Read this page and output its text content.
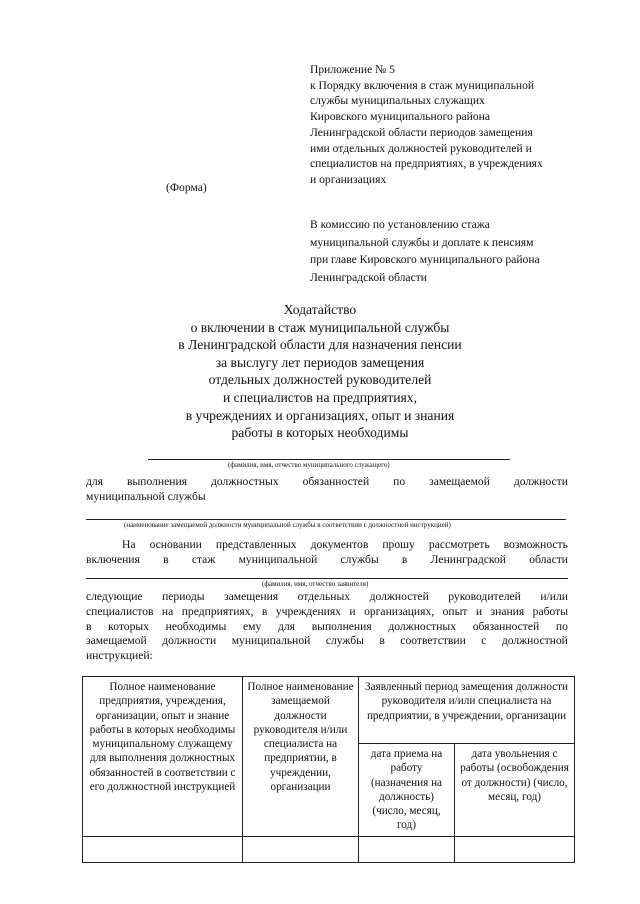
Приложение № 5
к Порядку включения в стаж муниципальной
службы муниципальных служащих
Кировского муниципального района
Ленинградской области периодов замещения
ими отдельных должностей руководителей и
специалистов на предприятиях, в учреждениях
и организациях
(Форма)
В комиссию по установлению стажа
муниципальной службы и доплате к пенсиям
при главе Кировского муниципального района
Ленинградской области
Ходатайство
о включении в стаж муниципальной службы
в Ленинградской области для назначения пенсии
за выслугу лет периодов замещения
отдельных должностей руководителей
и специалистов на предприятиях,
в учреждениях и организациях, опыт и знания
работы в которых необходимы
(фамилия, имя, отчество муниципального служащего)
для выполнения должностных обязанностей по замещаемой должности
муниципальной службы
(наименование замещаемой должности муниципальной службы в соответствии с должностной инструкцией)
На основании представленных документов прошу рассмотреть возможность
включения в стаж муниципальной службы в Ленинградской области
(фамилия, имя, отчество заявителя)
следующие периоды замещения отдельных должностей руководителей и/или
специалистов на предприятиях, в учреждениях и организациях, опыт и знания работы
в которых необходимы ему для выполнения должностных обязанностей по
замещаемой должности муниципальной службы в соответствии с должностной
инструкцией:
Полное наименование предприятия, учреждения, организации, опыт и знание работы в которых необходимы муниципальному служащему для выполнения должностных обязанностей в соответствии с его должностной инструкцией	Полное наименование замещаемой должности руководителя и/или специалиста на предприятии, в учреждении, организации	Заявленный период замещения должности руководителя и/или специалиста на предприятии, в учреждении, организации	
		дата приема на работу (назначения на должность) (число, месяц, год)	дата увольнения с работы (освобождения от должности) (число, месяц, год)
